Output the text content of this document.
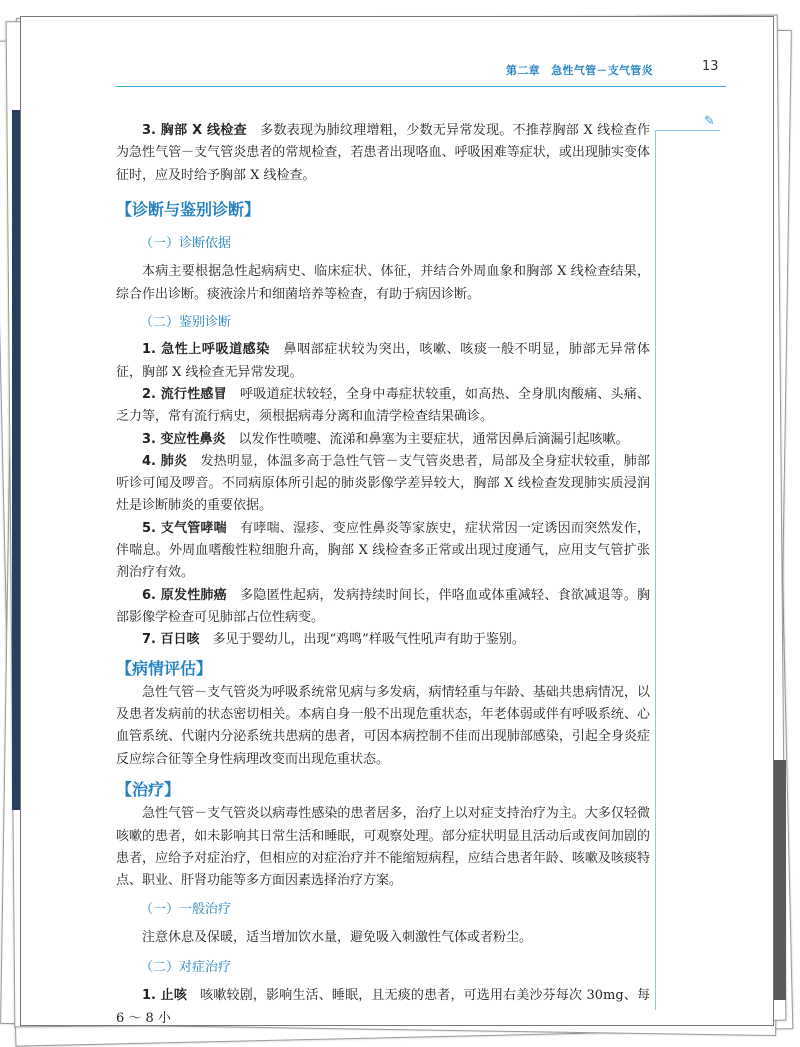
第二章　急性气管－支气管炎	13
✎

3. 胸部 X 线检查　 多数表现为肺纹理增粗，少数无异常发现。不推荐胸部 X 线检查作为急性气管－支气管炎患者的常规检查，若患者出现咯血、呼吸困难等症状，或出现肺实变体征时，应及时给予胸部 X 线检查。

【诊断与鉴别诊断】

（一）诊断依据

本病主要根据急性起病病史、临床症状、体征，并结合外周血象和胸部 X 线检查结果，综合作出诊断。痰液涂片和细菌培养等检查，有助于病因诊断。

（二）鉴别诊断

1. 急性上呼吸道感染　 鼻咽部症状较为突出，咳嗽、咳痰一般不明显，肺部无异常体征，胸部 X 线检查无异常发现。

2. 流行性感冒　 呼吸道症状较轻，全身中毒症状较重，如高热、全身肌肉酸痛、头痛、乏力等，常有流行病史，须根据病毒分离和血清学检查结果确诊。

3. 变应性鼻炎　 以发作性喷嚏、流涕和鼻塞为主要症状，通常因鼻后滴漏引起咳嗽。

4. 肺炎　 发热明显，体温多高于急性气管－支气管炎患者，局部及全身症状较重，肺部听诊可闻及啰音。不同病原体所引起的肺炎影像学差异较大，胸部 X 线检查发现肺实质浸润灶是诊断肺炎的重要依据。

5. 支气管哮喘　 有哮喘、湿疹、变应性鼻炎等家族史，症状常因一定诱因而突然发作，伴喘息。外周血嗜酸性粒细胞升高，胸部 X 线检查多正常或出现过度通气，应用支气管扩张剂治疗有效。

6. 原发性肺癌　 多隐匿性起病，发病持续时间长，伴咯血或体重减轻、食欲减退等。胸部影像学检查可见肺部占位性病变。

7. 百日咳　 多见于婴幼儿，出现“鸡鸣”样吸气性吼声有助于鉴别。

【病情评估】

急性气管－支气管炎为呼吸系统常见病与多发病，病情轻重与年龄、基础共患病情况，以及患者发病前的状态密切相关。本病自身一般不出现危重状态，年老体弱或伴有呼吸系统、心血管系统、代谢内分泌系统共患病的患者，可因本病控制不佳而出现肺部感染，引起全身炎症反应综合征等全身性病理改变而出现危重状态。

【治疗】

急性气管－支气管炎以病毒性感染的患者居多，治疗上以对症支持治疗为主。大多仅轻微咳嗽的患者，如未影响其日常生活和睡眠，可观察处理。部分症状明显且活动后或夜间加剧的患者，应给予对症治疗，但相应的对症治疗并不能缩短病程，应结合患者年龄、咳嗽及咳痰特点、职业、肝肾功能等多方面因素选择治疗方案。

（一）一般治疗

注意休息及保暖，适当增加饮水量，避免吸入刺激性气体或者粉尘。

（二）对症治疗

1. 止咳　 咳嗽较剧，影响生活、睡眠，且无痰的患者，可选用右美沙芬每次 30mg、每 6 ～ 8 小
